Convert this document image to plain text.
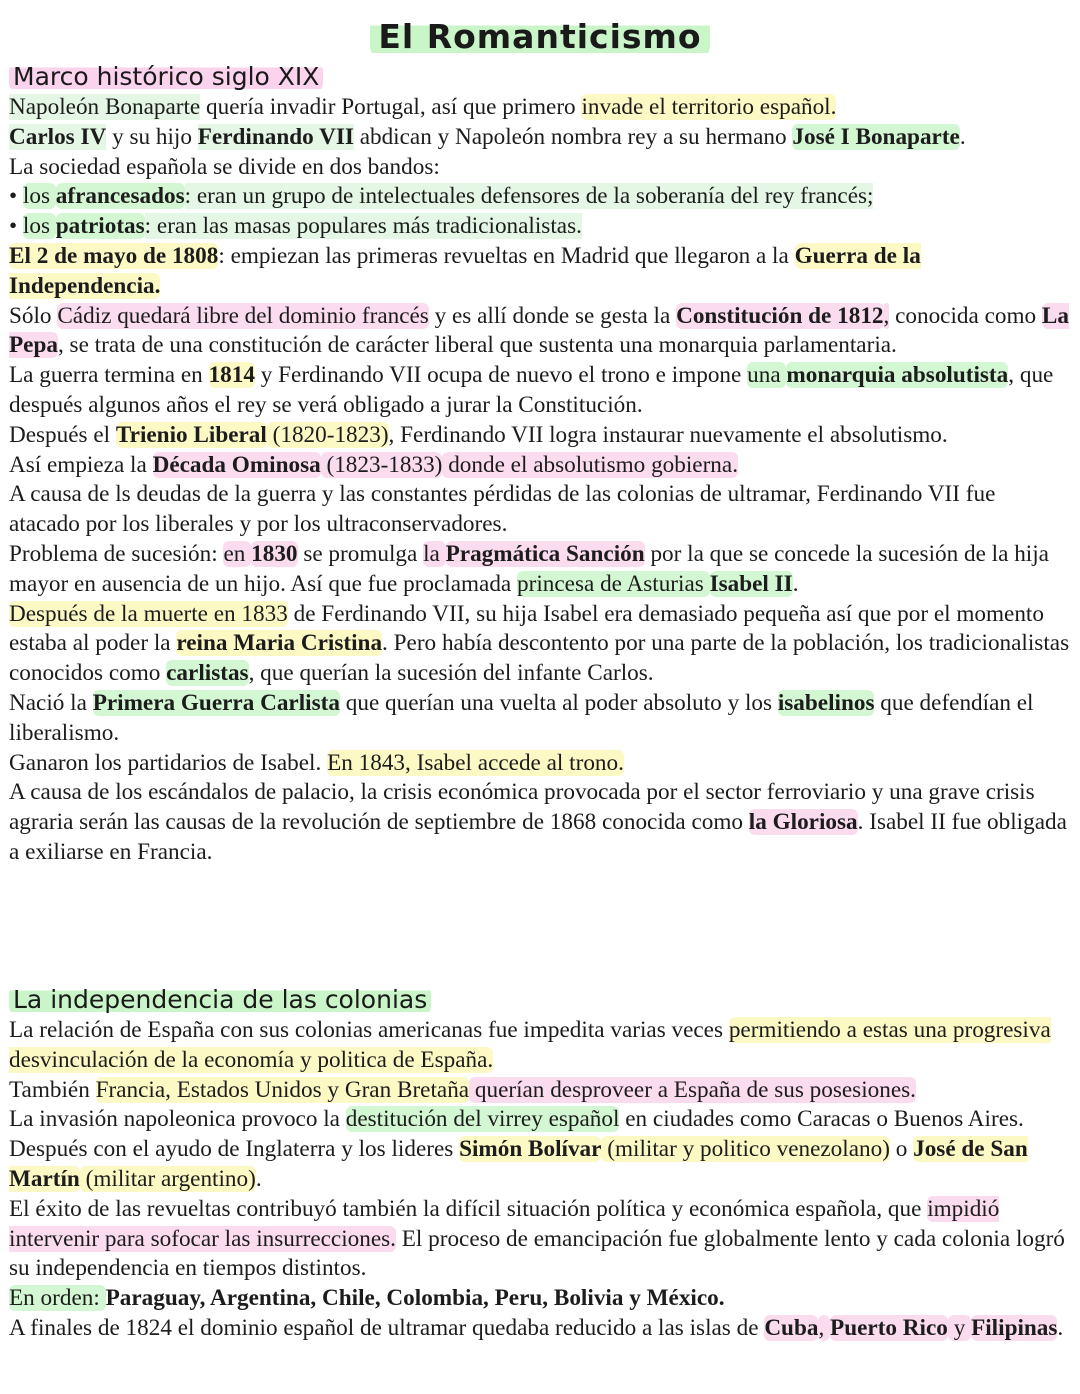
El Romanticismo
Marco histórico siglo XIX

Napoleón Bonaparte quería invadir Portugal, así que primero invade el territorio español.

Carlos IV y su hijo Ferdinando VII abdican y Napoleón nombra rey a su hermano José I Bonaparte.

La sociedad española se divide en dos bandos:

• los afrancesados: eran un grupo de intelectuales defensores de la soberanía del rey francés;

• los patriotas: eran las masas populares más tradicionalistas.

El 2 de mayo de 1808: empiezan las primeras revueltas en Madrid que llegaron a la Guerra de la Independencia.

Sólo Cádiz quedará libre del dominio francés y es allí donde se gesta la Constitución de 1812, conocida como La Pepa, se trata de una constitución de carácter liberal que sustenta una monarquia parlamentaria.

La guerra termina en 1814 y Ferdinando VII ocupa de nuevo el trono e impone una monarquia absolutista, que después algunos años el rey se verá obligado a jurar la Constitución.

Después el Trienio Liberal (1820-1823), Ferdinando VII logra instaurar nuevamente el absolutismo.

Así empieza la Década Ominosa (1823-1833) donde el absolutismo gobierna.

A causa de ls deudas de la guerra y las constantes pérdidas de las colonias de ultramar, Ferdinando VII fue atacado por los liberales y por los ultraconservadores.

Problema de sucesión: en 1830 se promulga la Pragmática Sanción por la que se concede la sucesión de la hija mayor en ausencia de un hijo. Así que fue proclamada princesa de Asturias Isabel II.

Después de la muerte en 1833 de Ferdinando VII, su hija Isabel era demasiado pequeña así que por el momento estaba al poder la reina Maria Cristina. Pero había descontento por una parte de la población, los tradicionalistas conocidos como carlistas, que querían la sucesión del infante Carlos.

Nació la Primera Guerra Carlista que querían una vuelta al poder absoluto y los isabelinos que defendían el liberalismo.

Ganaron los partidarios de Isabel. En 1843, Isabel accede al trono.

A causa de los escándalos de palacio, la crisis económica provocada por el sector ferroviario y una grave crisis agraria serán las causas de la revolución de septiembre de 1868 conocida como la Gloriosa. Isabel II fue obligada a exiliarse en Francia.

La independencia de las colonias

La relación de España con sus colonias americanas fue impedita varias veces permitiendo a estas una progresiva desvinculación de la economía y politica de España.

También Francia, Estados Unidos y Gran Bretaña querían desproveer a España de sus posesiones.

La invasión napoleonica provoco la destitución del virrey español en ciudades como Caracas o Buenos Aires. Después con el ayudo de Inglaterra y los lideres Simón Bolívar (militar y politico venezolano) o José de San Martín (militar argentino).

El éxito de las revueltas contribuyó también la difícil situación política y económica española, que impidió intervenir para sofocar las insurrecciones. El proceso de emancipación fue globalmente lento y cada colonia logró su independencia en tiempos distintos.

En orden: Paraguay, Argentina, Chile, Colombia, Peru, Bolivia y México.

A finales de 1824 el dominio español de ultramar quedaba reducido a las islas de Cuba, Puerto Rico y Filipinas.
